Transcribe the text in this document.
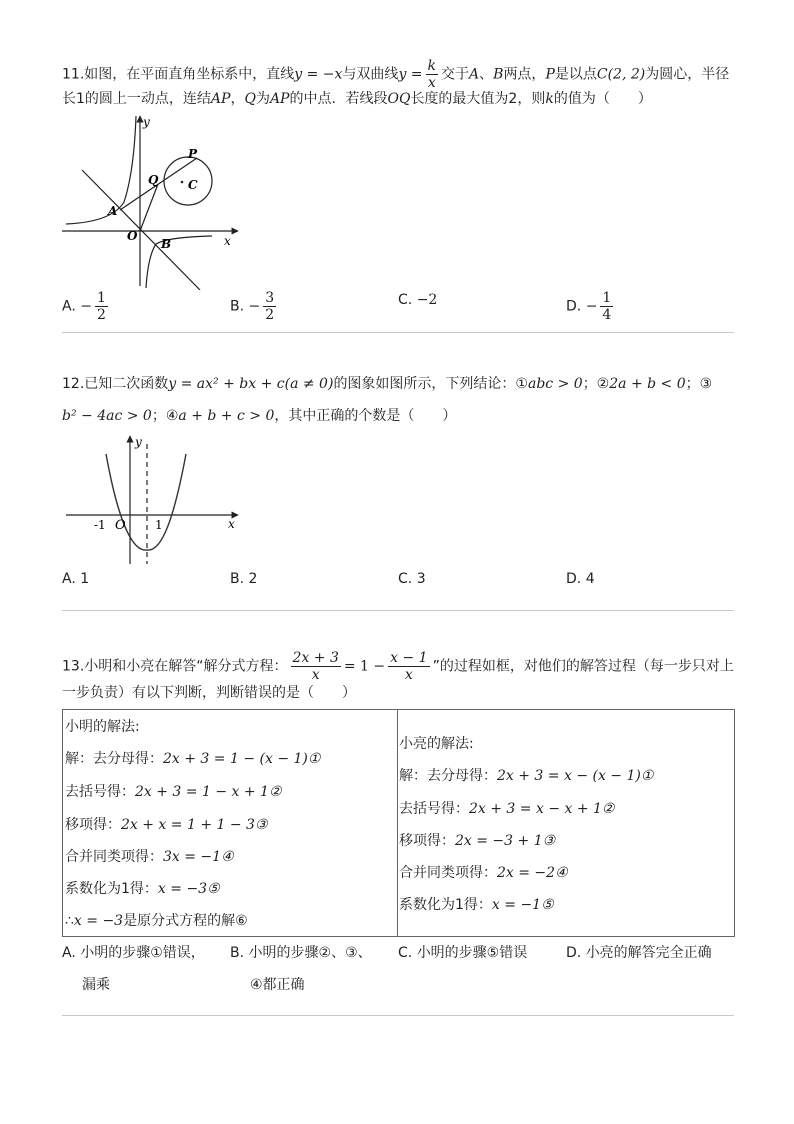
11.如图，在平面直角坐标系中，直线y = −x与双曲线$y = \frac{k}{x}$ 交于A、B两点，P是以点C(2, 2)为圆心，半径
长1的圆上一动点，连结AP，Q为AP的中点．若线段OQ长度的最大值为2，则k的值为（　　）
y
x
O
A
B
P
Q C
A. − $\frac{1}{2}$	B. − $\frac{3}{2}$	C. −2	D. − $\frac{1}{4}$
12.已知二次函数y = ax² + bx + c(a ≠ 0)的图象如图所示，下列结论：①abc > 0；②2a + b < 0；③
b² − 4ac > 0；④a + b + c > 0，其中正确的个数是（　　）
y
x
O
-1	1
A. 1	B. 2	C. 3	D. 4
13.小明和小亮在解答“解分式方程： $\frac{2x + 3}{x} = 1 - \frac{x - 1}{x}$ ”的过程如框，对他们的解答过程（每一步只对上
一步负责）有以下判断，判断错误的是（　　）
小明的解法:
解：去分母得：2x + 3 = 1 − (x − 1)①
去括号得：2x + 3 = 1 − x + 1②
移项得：2x + x = 1 + 1 − 3③
合并同类项得：3x = −1④
系数化为1得：x = −3⑤
∴x = −3是原分式方程的解⑥
小亮的解法:
解：去分母得：2x + 3 = x − (x − 1)①
去括号得：2x + 3 = x − x + 1②
移项得：2x = −3 + 1③
合并同类项得：2x = −2④
系数化为1得：x = −1⑤
A. 小明的步骤①错误，
漏乘
B. 小明的步骤②、③、
④都正确
C. 小明的步骤⑤错误	D. 小亮的解答完全正确
